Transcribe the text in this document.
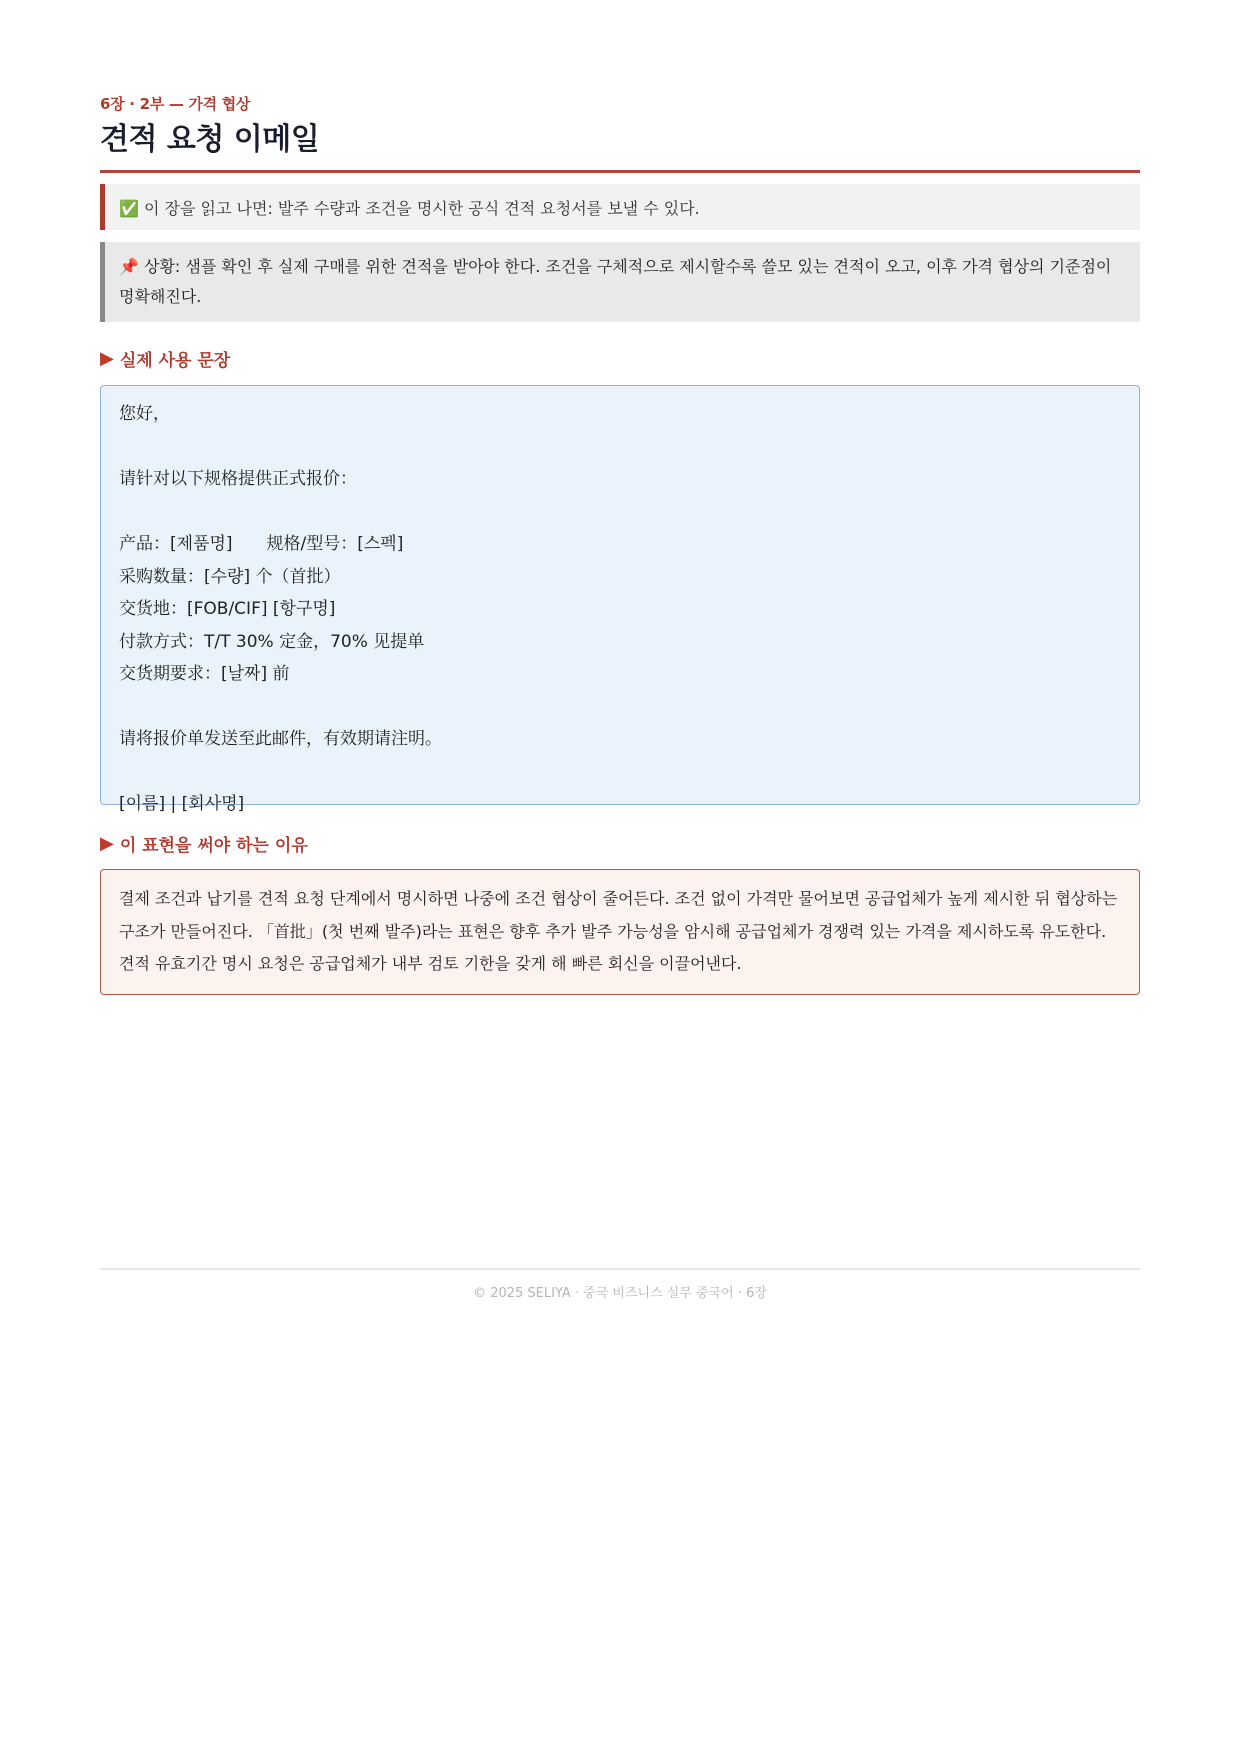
6장 · 2부 — 가격 협상
견적 요청 이메일
✅ 이 장을 읽고 나면: 발주 수량과 조건을 명시한 공식 견적 요청서를 보낼 수 있다.
📌 상황: 샘플 확인 후 실제 구매를 위한 견적을 받아야 한다. 조건을 구체적으로 제시할수록 쓸모 있는 견적이 오고, 이후 가격 협상의 기준점이 명확해진다.
▶ 실제 사용 문장
您好，
请针对以下规格提供正式报价：
产品：[제품명]　　规格/型号：[스펙]
采购数量：[수량] 个（首批）
交货地：[FOB/CIF] [항구명]
付款方式：T/T 30% 定金，70% 见提单
交货期要求：[날짜] 前
请将报价单发送至此邮件，有效期请注明。
[이름] | [회사명]
▶ 이 표현을 써야 하는 이유
결제 조건과 납기를 견적 요청 단계에서 명시하면 나중에 조건 협상이 줄어든다. 조건 없이 가격만 물어보면 공급업체가 높게 제시한 뒤 협상하는 구조가 만들어진다. 「首批」(첫 번째 발주)라는 표현은 향후 추가 발주 가능성을 암시해 공급업체가 경쟁력 있는 가격을 제시하도록 유도한다. 견적 유효기간 명시 요청은 공급업체가 내부 검토 기한을 갖게 해 빠른 회신을 이끌어낸다.
© 2025 SELIYA · 중국 비즈니스 실무 중국어 · 6장
